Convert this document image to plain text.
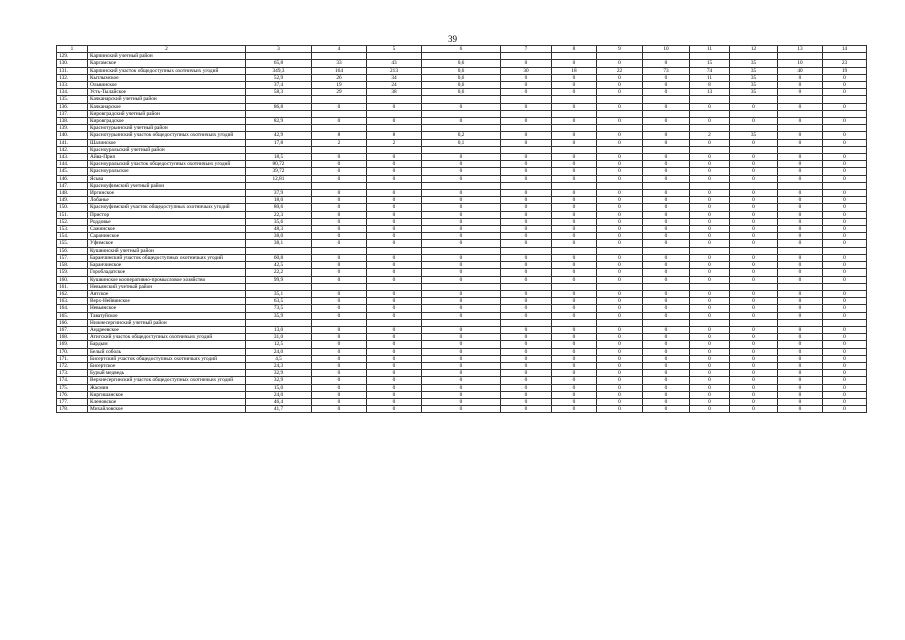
39
1	2	3	4	5	6	7	8	9	10	11	12	13	14
129.	Карпинский учетный район												
130.	Каргамское	65,8	33	43	0,6	0	0	0	0	15	35	10	23
131.	Карпинский участок общедоступных охотничьих угодий	349,3	164	213	0,6	30	18	22	73	74	35	40	19
132.	Кытлымское	52,9	26	34	0,6	0	0	0	0	11	35	0	0
133.	Ольвинское	37,4	19	24	0,6	0	0	0	0	8	35	0	0
134.	Усть-Тылайское	58,3	29	38	0,6	0	0	0	0	13	35	0	0
135.	Качканарский учетный район												
136.	Качканарское	86,8	0	0	0	0	0	0	0	0	0	0	0
137.	Кировградский учетный район												
138.	Кировградское	82,9	0	0	0	0	0	0	0	0	0	0	0
139.	Краснотурьинский учетный район												
140.	Краснотурьинский участок общедоступных охотничьих угодий	42,9	8	8	0,2	0	0	0	0	2	35	0	0
141.	Шалинское	17,8	2	2	0,1	0	0	0	0	0	0	0	0
142.	Красноуральский учетный район												
143.	Айва-Прип	18,5	0	0	0	0	0	0	0	0	0	0	0
144.	Красноуральский участок общедоступных охотничьих угодий	80,72	0	0	0	0	0	0	0	0	0	0	0
145.	Красноуральское	39,72	0	0	0	0	0	0	0	0	0	0	0
146.	Ясьва	12,81	0	0	0	0	0	0	0	0	0	0	0
147.	Красноуфимский учетный район												
148.	Иргинское	37,9	0	0	0	0	0	0	0	0	0	0	0
149.	Лобанье	18,0	0	0	0	0	0	0	0	0	0	0	0
150.	Красноуфимский участок общедоступных охотничьих угодий	80,6	0	0	0	0	0	0	0	0	0	0	0
151.	Пристор	22,3	0	0	0	0	0	0	0	0	0	0	0
152.	Роддовье	35,6	0	0	0	0	0	0	0	0	0	0	0
153.	Сажинское	48,3	0	0	0	0	0	0	0	0	0	0	0
154.	Саранинское	38,0	0	0	0	0	0	0	0	0	0	0	0
155.	Уфимское	38,1	0	0	0	0	0	0	0	0	0	0	0
156.	Кушвинский учетный район												
157.	Баранчинский участок общедоступных охотничьих угодий	60,8	0	0	0	0	0	0	0	0	0	0	0
158.	Баранчинское	42,5	0	0	0	0	0	0	0	0	0	0	0
159.	Горобладатское	22,2	0	0	0	0	0	0	0	0	0	0	0
160.	Кушвинское кооперативно-промысловое хозяйство	99,9	0	0	0	0	0	0	0	0	0	0	0
161.	Невьянский учетный район												
162.	Аятское	35,1	0	0	0	0	0	0	0	0	0	0	0
163.	Верх-Нейвинское	63,5	0	0	0	0	0	0	0	0	0	0	0
164.	Невьянское	73,5	0	0	0	0	0	0	0	0	0	0	0
165.	Таватуйское	35,9	0	0	0	0	0	0	0	0	0	0	0
166.	Нижнесергинский учетный район												
167.	Андреевское	13,0	0	0	0	0	0	0	0	0	0	0	0
168.	Атигский участок общедоступных охотничьих угодий	31,0	0	0	0	0	0	0	0	0	0	0	0
169.	Бардым	12,5	0	0	0	0	0	0	0	0	0	0	0
170.	Белый соболь	24,0	0	0	0	0	0	0	0	0	0	0	0
171.	Бисертский участок общедоступных охотничьих угодий	4,5	0	0	0	0	0	0	0	0	0	0	0
172.	Бисертское	24,3	0	0	0	0	0	0	0	0	0	0	0
173.	Бурый медведь	32,9	0	0	0	0	0	0	0	0	0	0	0
174.	Верхнесергинский участок общедоступных охотничьих угодий	32,9	0	0	0	0	0	0	0	0	0	0	0
175.	Жасмин	15,0	0	0	0	0	0	0	0	0	0	0	0
176.	Киргишанское	24,0	0	0	0	0	0	0	0	0	0	0	0
177.	Кленовское	46,4	0	0	0	0	0	0	0	0	0	0	0
178.	Михайловское	41,7	0	0	0	0	0	0	0	0	0	0	0
